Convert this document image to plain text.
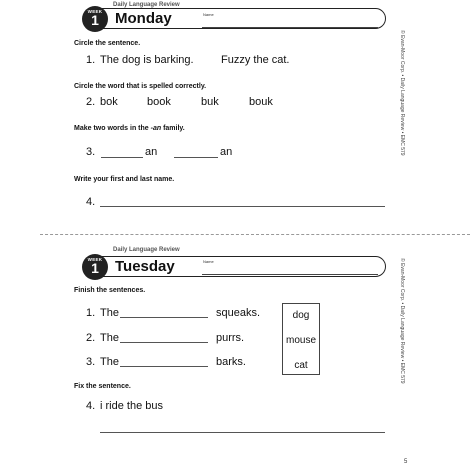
Daily Language Review
WEEK
1	Monday	Name
Circle the sentence.
1. The dog is barking. Fuzzy the cat.
Circle the word that is spelled correctly.
2. bok	book	buk	bouk
Make two words in the -an family.
3.	an	an
Write your first and last name.
4.
© Evan-Moor Corp. • Daily Language Review • EMC 579
Daily Language Review
WEEK
1	Tuesday	Name
Finish the sentences.
1. The	squeaks.
2. The	purrs.
3. The	barks.
dog
mouse
cat
Fix the sentence.
4. i ride the bus
© Evan-Moor Corp. • Daily Language Review • EMC 579
5
